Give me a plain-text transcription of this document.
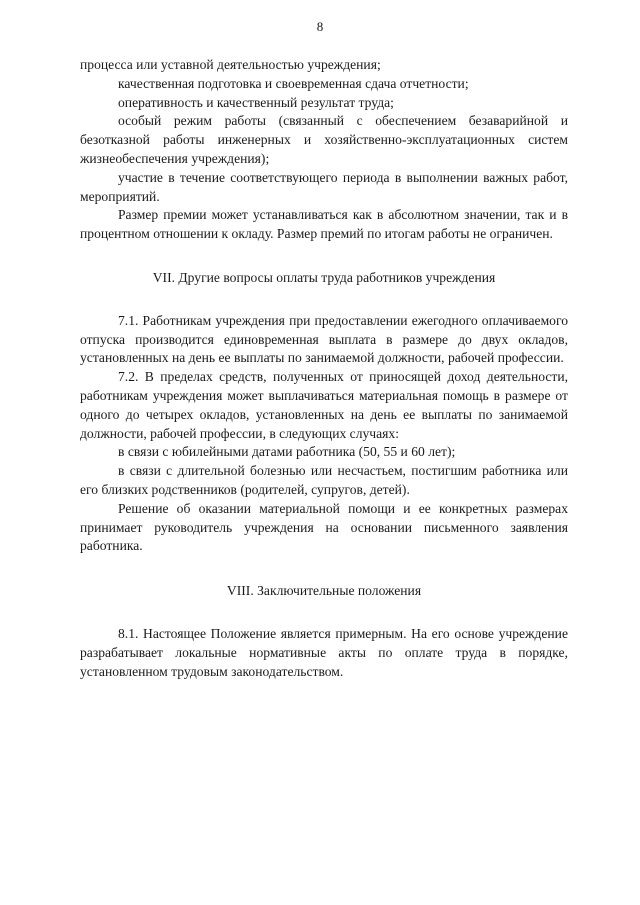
8

процесса или уставной деятельностью учреждения;

качественная подготовка и своевременная сдача отчетности;

оперативность и качественный результат труда;

особый режим работы (связанный с обеспечением безаварийной и безотказной работы инженерных и хозяйственно-эксплуатационных систем жизнеобеспечения учреждения);

участие в течение соответствующего периода в выполнении важных работ, мероприятий.

Размер премии может устанавливаться как в абсолютном значении, так и в процентном отношении к окладу. Размер премий по итогам работы не ограничен.

VII. Другие вопросы оплаты труда работников учреждения

7.1. Работникам учреждения при предоставлении ежегодного оплачиваемого отпуска производится единовременная выплата в размере до двух окладов, установленных на день ее выплаты по занимаемой должности, рабочей профессии.

7.2. В пределах средств, полученных от приносящей доход деятельности, работникам учреждения может выплачиваться материальная помощь в размере от одного до четырех окладов, установленных на день ее выплаты по занимаемой должности, рабочей профессии, в следующих случаях:

в связи с юбилейными датами работника (50, 55 и 60 лет);

в связи с длительной болезнью или несчастьем, постигшим работника или его близких родственников (родителей, супругов, детей).

Решение об оказании материальной помощи и ее конкретных размерах принимает руководитель учреждения на основании письменного заявления работника.

VIII. Заключительные положения

8.1. Настоящее Положение является примерным. На его основе учреждение разрабатывает локальные нормативные акты по оплате труда в порядке, установленном трудовым законодательством.
